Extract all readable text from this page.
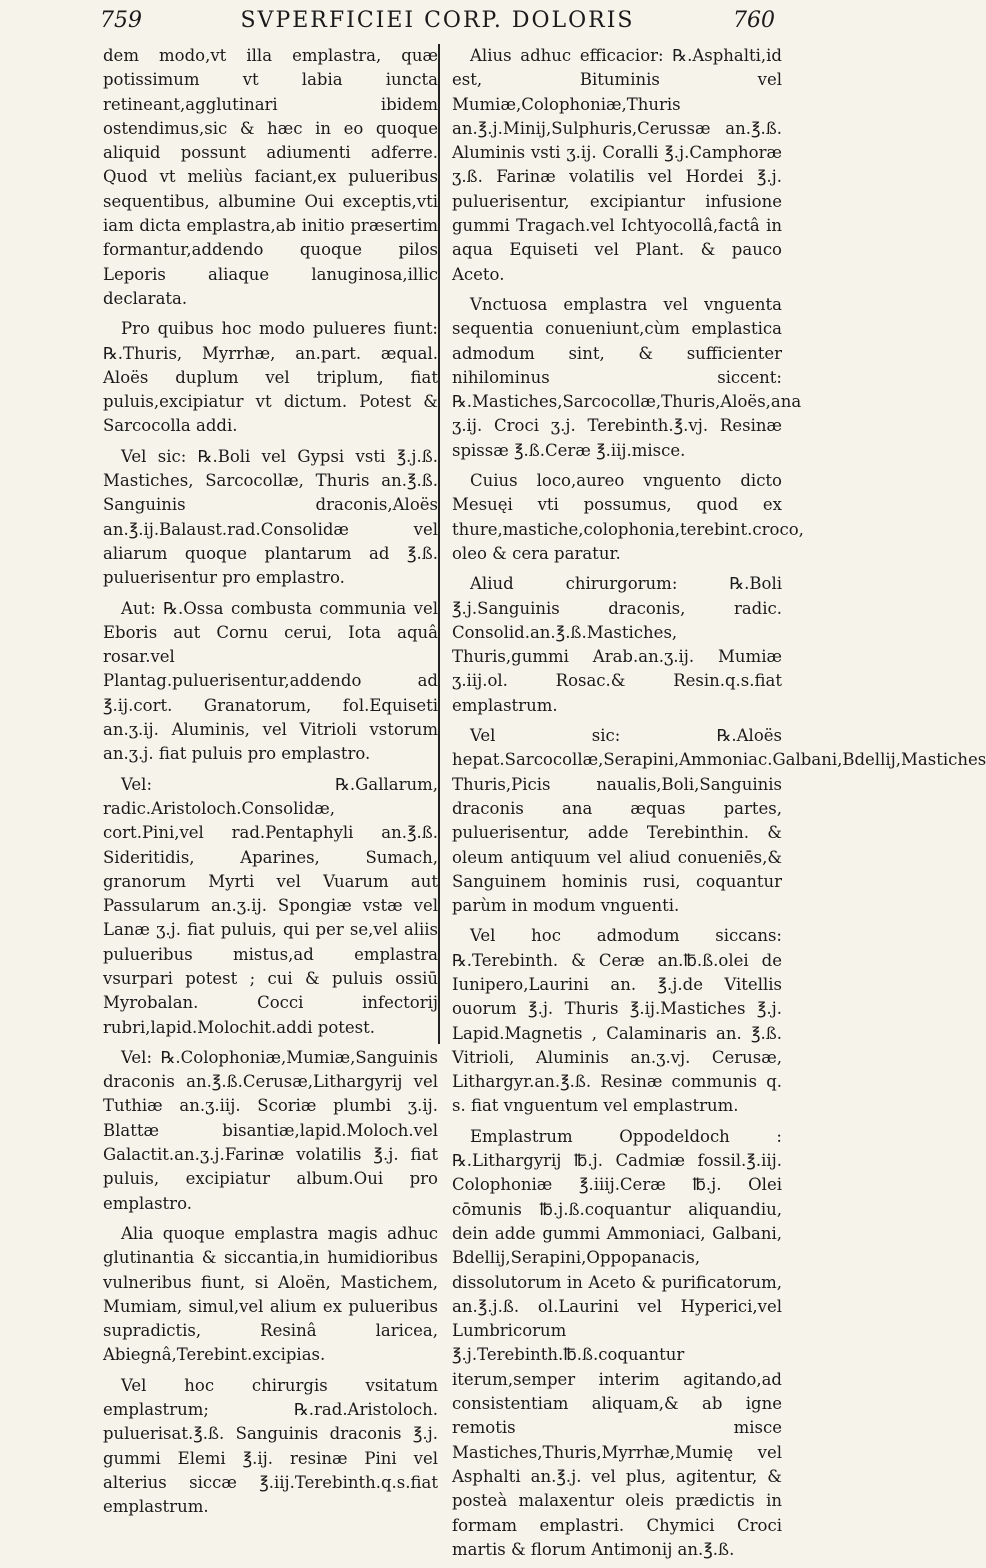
759	SVPERFICIEI CORP. DOLORIS	760

dem modo,vt illa emplastra, quæ potissimum vt labia iuncta retineant,agglutinari ibidem ostendimus,sic & hæc in eo quoque aliquid possunt adiumenti adferre. Quod vt meliùs faciant,ex pulueribus sequentibus, albumine Oui exceptis,vti iam dicta emplastra,ab initio præsertim formantur,addendo quoque pilos Leporis aliaque lanuginosa,illic declarata.

Pro quibus hoc modo pulueres fiunt: ℞.Thuris, Myrrhæ, an.part. æqual. Aloës duplum vel triplum, fiat puluis,excipiatur vt dictum. Potest & Sarcocolla addi.

Vel sic: ℞.Boli vel Gypsi vsti ℥.j.ß. Mastiches, Sarcocollæ, Thuris an.℥.ß. Sanguinis draconis,Aloës an.℥.ij.Balaust.rad.Consolidæ vel aliarum quoque plantarum ad ℥.ß. puluerisentur pro emplastro.

Aut: ℞.Ossa combusta communia vel Eboris aut Cornu cerui, Iota aquâ rosar.vel Plantag.puluerisentur,addendo ad ℥.ij.cort. Granatorum, fol.Equiseti an.ʒ.ij. Aluminis, vel Vitrioli vstorum an.ʒ.j. fiat puluis pro emplastro.

Vel: ℞.Gallarum, radic.Aristoloch.Consolidæ, cort.Pini,vel rad.Pentaphyli an.℥.ß. Sideritidis, Aparines, Sumach, granorum Myrti vel Vuarum aut Passularum an.ʒ.ij. Spongiæ vstæ vel Lanæ ʒ.j. fiat puluis, qui per se,vel aliis pulueribus mistus,ad emplastra vsurpari potest ; cui & puluis ossiū Myrobalan. Cocci infectorij rubri,lapid.Molochit.addi potest.

Vel: ℞.Colophoniæ,Mumiæ,Sanguinis draconis an.℥.ß.Cerusæ,Lithargyrij vel Tuthiæ an.ʒ.iij. Scoriæ plumbi ʒ.ij. Blattæ bisantiæ,lapid.Moloch.vel Galactit.an.ʒ.j.Farinæ volatilis ℥.j. fiat puluis, excipiatur album.Oui pro emplastro.

Alia quoque emplastra magis adhuc glutinantia & siccantia,in humidioribus vulneribus fiunt, si Aloën, Mastichem, Mumiam, simul,vel alium ex pulueribus supradictis, Resinâ laricea, Abiegnâ,Terebint.excipias.

Vel hoc chirurgis vsitatum emplastrum; ℞.rad.Aristoloch. puluerisat.℥.ß. Sanguinis draconis ℥.j. gummi Elemi ℥.ij. resinæ Pini vel alterius siccæ ℥.iij.Terebinth.q.s.fiat emplastrum.

Alius adhuc efficacior: ℞.Asphalti,id est, Bituminis vel Mumiæ,Colophoniæ,Thuris an.℥.j.Minij,Sulphuris,Cerussæ an.℥.ß. Aluminis vsti ʒ.ij. Coralli ℥.j.Camphoræ ʒ.ß. Farinæ volatilis vel Hordei ℥.j. puluerisentur, excipiantur infusione gummi Tragach.vel Ichtyocollâ,factâ in aqua Equiseti vel Plant. & pauco Aceto.

Vnctuosa emplastra vel vnguenta sequentia conueniunt,cùm emplastica admodum sint, & sufficienter nihilominus siccent: ℞.Mastiches,Sarcocollæ,Thuris,Aloës,ana ʒ.ij. Croci ʒ.j. Terebinth.℥.vj. Resinæ spissæ ℥.ß.Ceræ ℥.iij.misce.

Cuius loco,aureo vnguento dicto Mesuęi vti possumus, quod ex thure,mastiche,colophonia,terebint.croco, oleo & cera paratur.

Aliud chirurgorum: ℞.Boli ℥.j.Sanguinis draconis, radic. Consolid.an.℥.ß.Mastiches, Thuris,gummi Arab.an.ʒ.ij. Mumiæ ʒ.iij.ol. Rosac.& Resin.q.s.fiat emplastrum.

Vel sic: ℞.Aloës hepat.Sarcocollæ,Serapini,Ammoniac.Galbani,Bdellij,Mastiches Thuris,Picis naualis,Boli,Sanguinis draconis ana æquas partes, puluerisentur, adde Terebinthin. & oleum antiquum vel aliud conueniēs,& Sanguinem hominis rusi, coquantur parùm in modum vnguenti.

Vel hoc admodum siccans: ℞.Terebinth. & Ceræ an.℔.ß.olei de Iunipero,Laurini an. ℥.j.de Vitellis ouorum ℥.j. Thuris ℥.ij.Mastiches ℥.j. Lapid.Magnetis , Calaminaris an. ℥.ß. Vitrioli, Aluminis an.ʒ.vj. Cerusæ, Lithargyr.an.℥.ß. Resinæ communis q. s. fiat vnguentum vel emplastrum.

Emplastrum Oppodeldoch : ℞.Lithargyrij ℔.j. Cadmiæ fossil.℥.iij. Colophoniæ ℥.iiij.Ceræ ℔.j. Olei cōmunis ℔.j.ß.coquantur aliquandiu, dein adde gummi Ammoniaci, Galbani, Bdellij,Serapini,Oppopanacis, dissolutorum in Aceto & purificatorum, an.℥.j.ß. ol.Laurini vel Hyperici,vel Lumbricorum ℥.j.Terebinth.℔.ß.coquantur iterum,semper interim agitando,ad consistentiam aliquam,& ab igne remotis misce Mastiches,Thuris,Myrrhæ,Mumię vel Asphalti an.℥.j. vel plus, agitentur, & posteà malaxentur oleis prædictis in formam emplastri. Chymici Croci martis & florum Antimonij an.℥.ß.
